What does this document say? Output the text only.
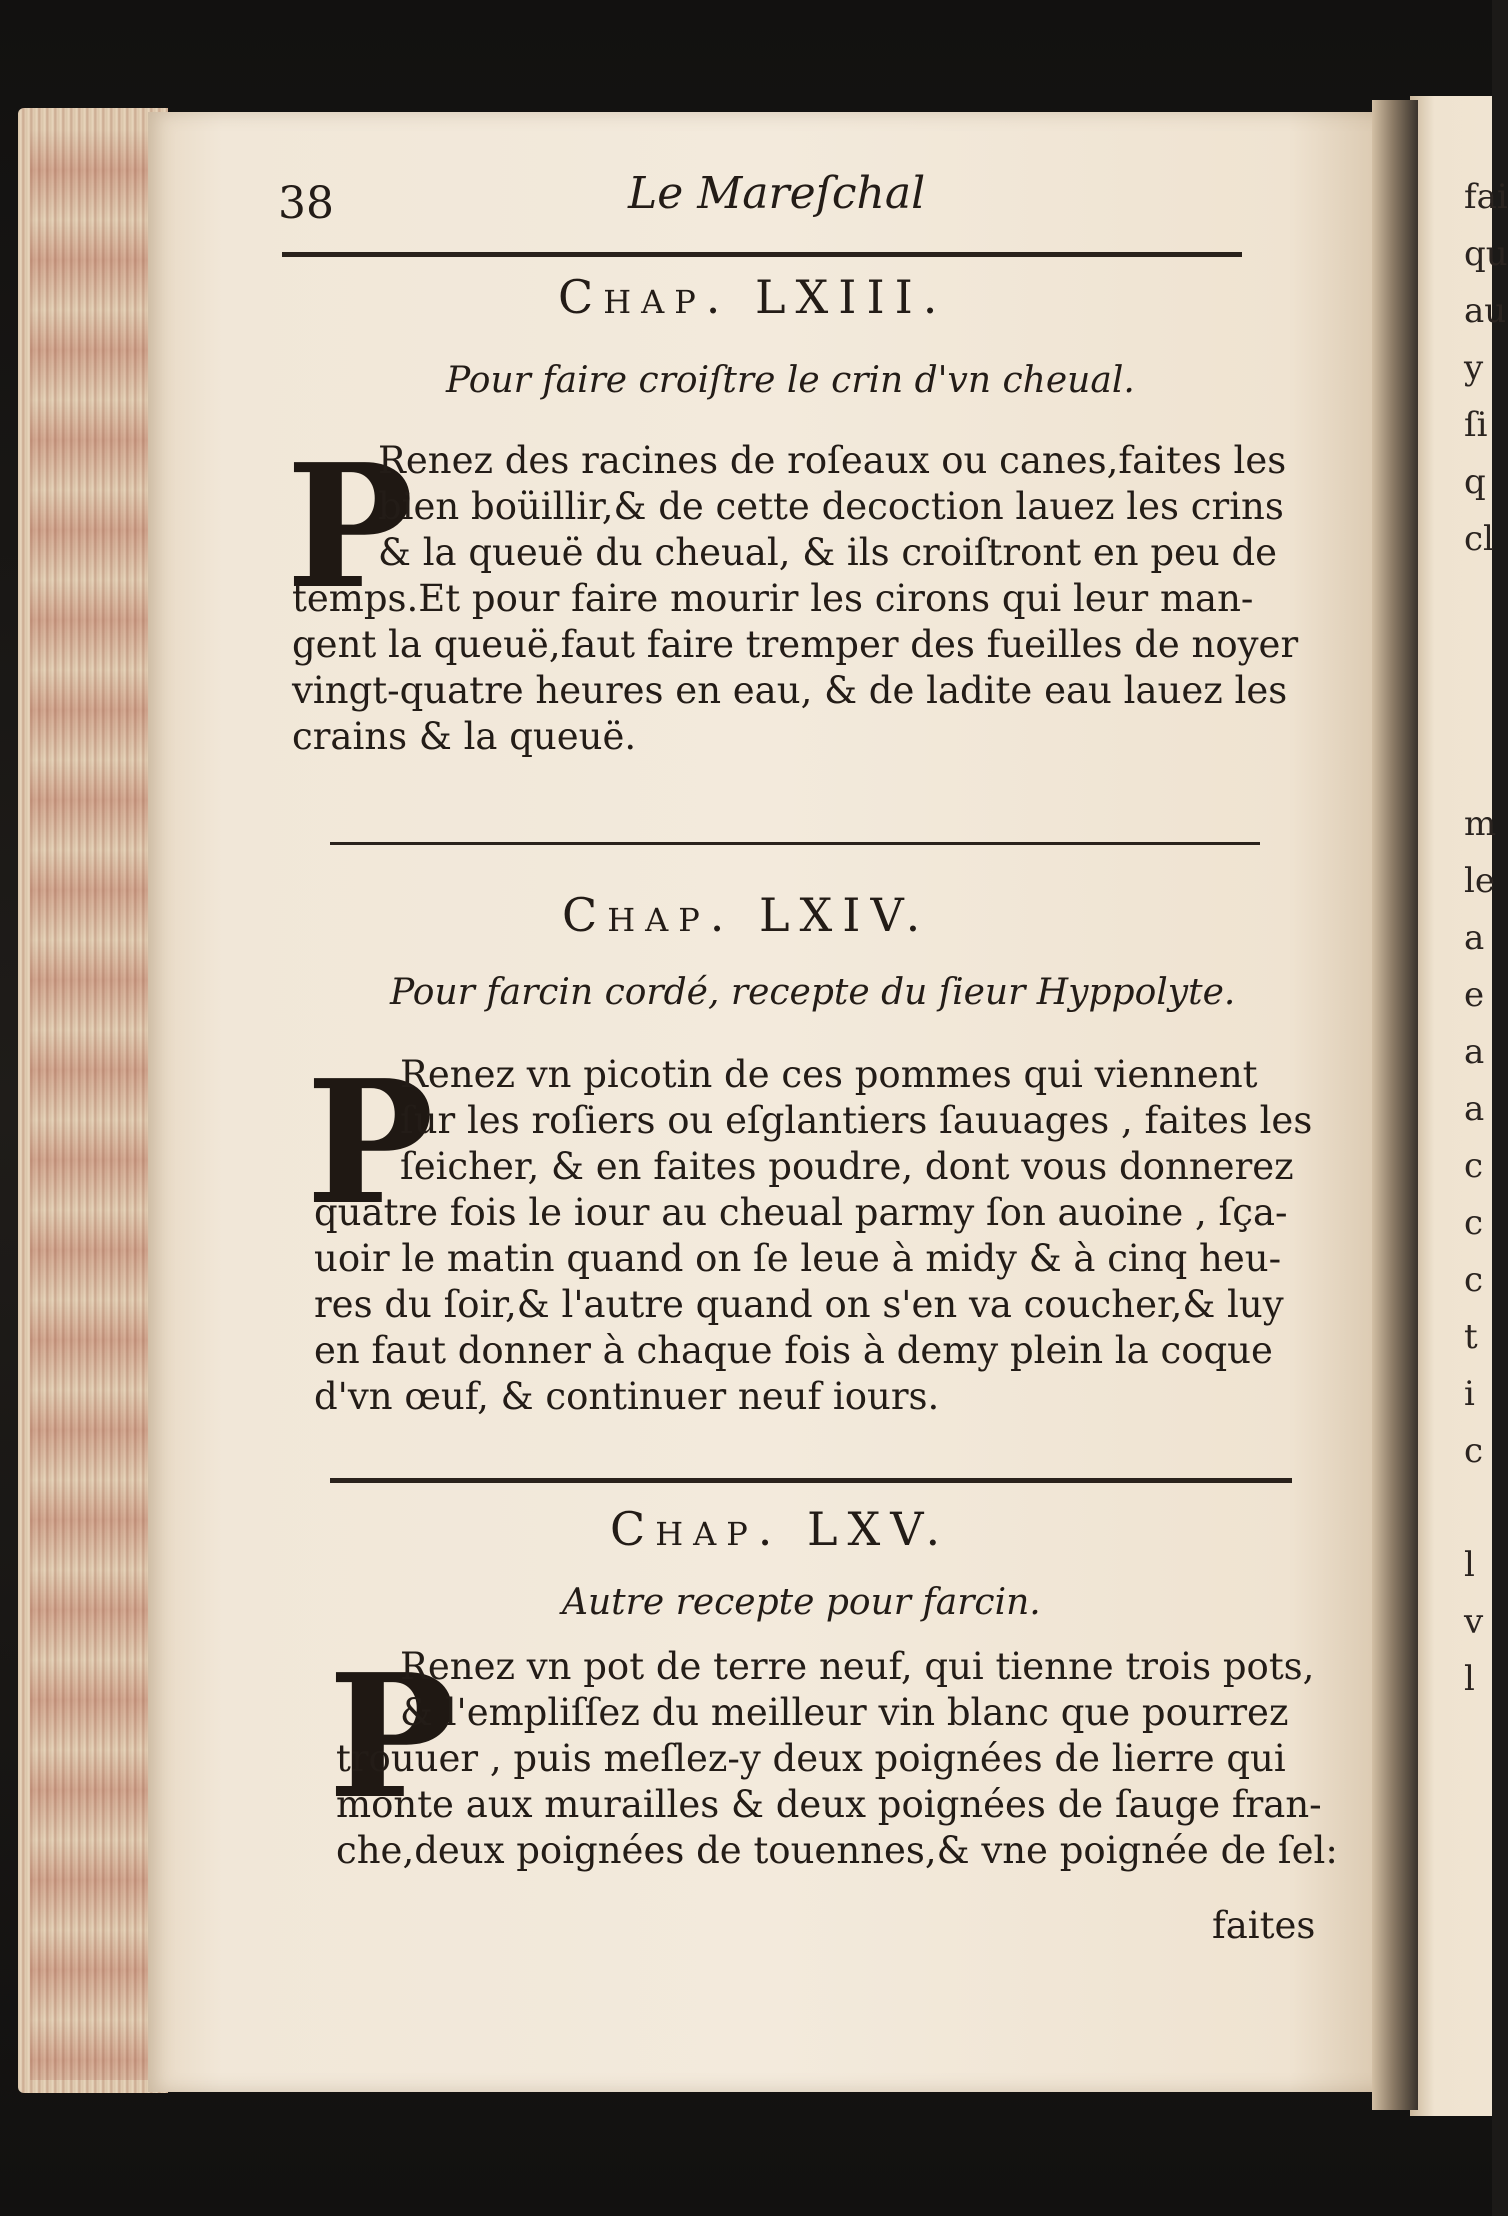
fai
qu
au
y
ſi
q
cl
m
le
a
e
a
a
c
c
c
t
i
c
l
v
l
38	Le Mareſchal
Chap. LXIII.
Pour faire croiſtre le crin d'vn cheual.
P
Renez des racines de roſeaux ou canes,faites les
bien boüillir,& de cette decoction lauez les crins
& la queuë du cheual, & ils croiſtront en peu de
temps.Et pour faire mourir les cirons qui leur man-
gent la queuë,faut faire tremper des fueilles de noyer
vingt-quatre heures en eau, & de ladite eau lauez les
crains & la queuë.
Chap. LXIV.
Pour farcin cordé, recepte du ſieur Hyppolyte.
P
Renez vn picotin de ces pommes qui viennent
ſur les roſiers ou eſglantiers ſauuages , faites les
ſeicher, & en faites poudre, dont vous donnerez
quatre fois le iour au cheual parmy ſon auoine , ſça-
uoir le matin quand on ſe leue à midy & à cinq heu-
res du ſoir,& l'autre quand on s'en va coucher,& luy
en faut donner à chaque fois à demy plein la coque
d'vn œuf, & continuer neuf iours.
Chap. LXV.
Autre recepte pour farcin.
P
Renez vn pot de terre neuf, qui tienne trois pots,
& l'empliſſez du meilleur vin blanc que pourrez
trouuer , puis meſlez-y deux poignées de lierre qui
monte aux murailles & deux poignées de ſauge fran-
che,deux poignées de touennes,& vne poignée de ſel:
faites
